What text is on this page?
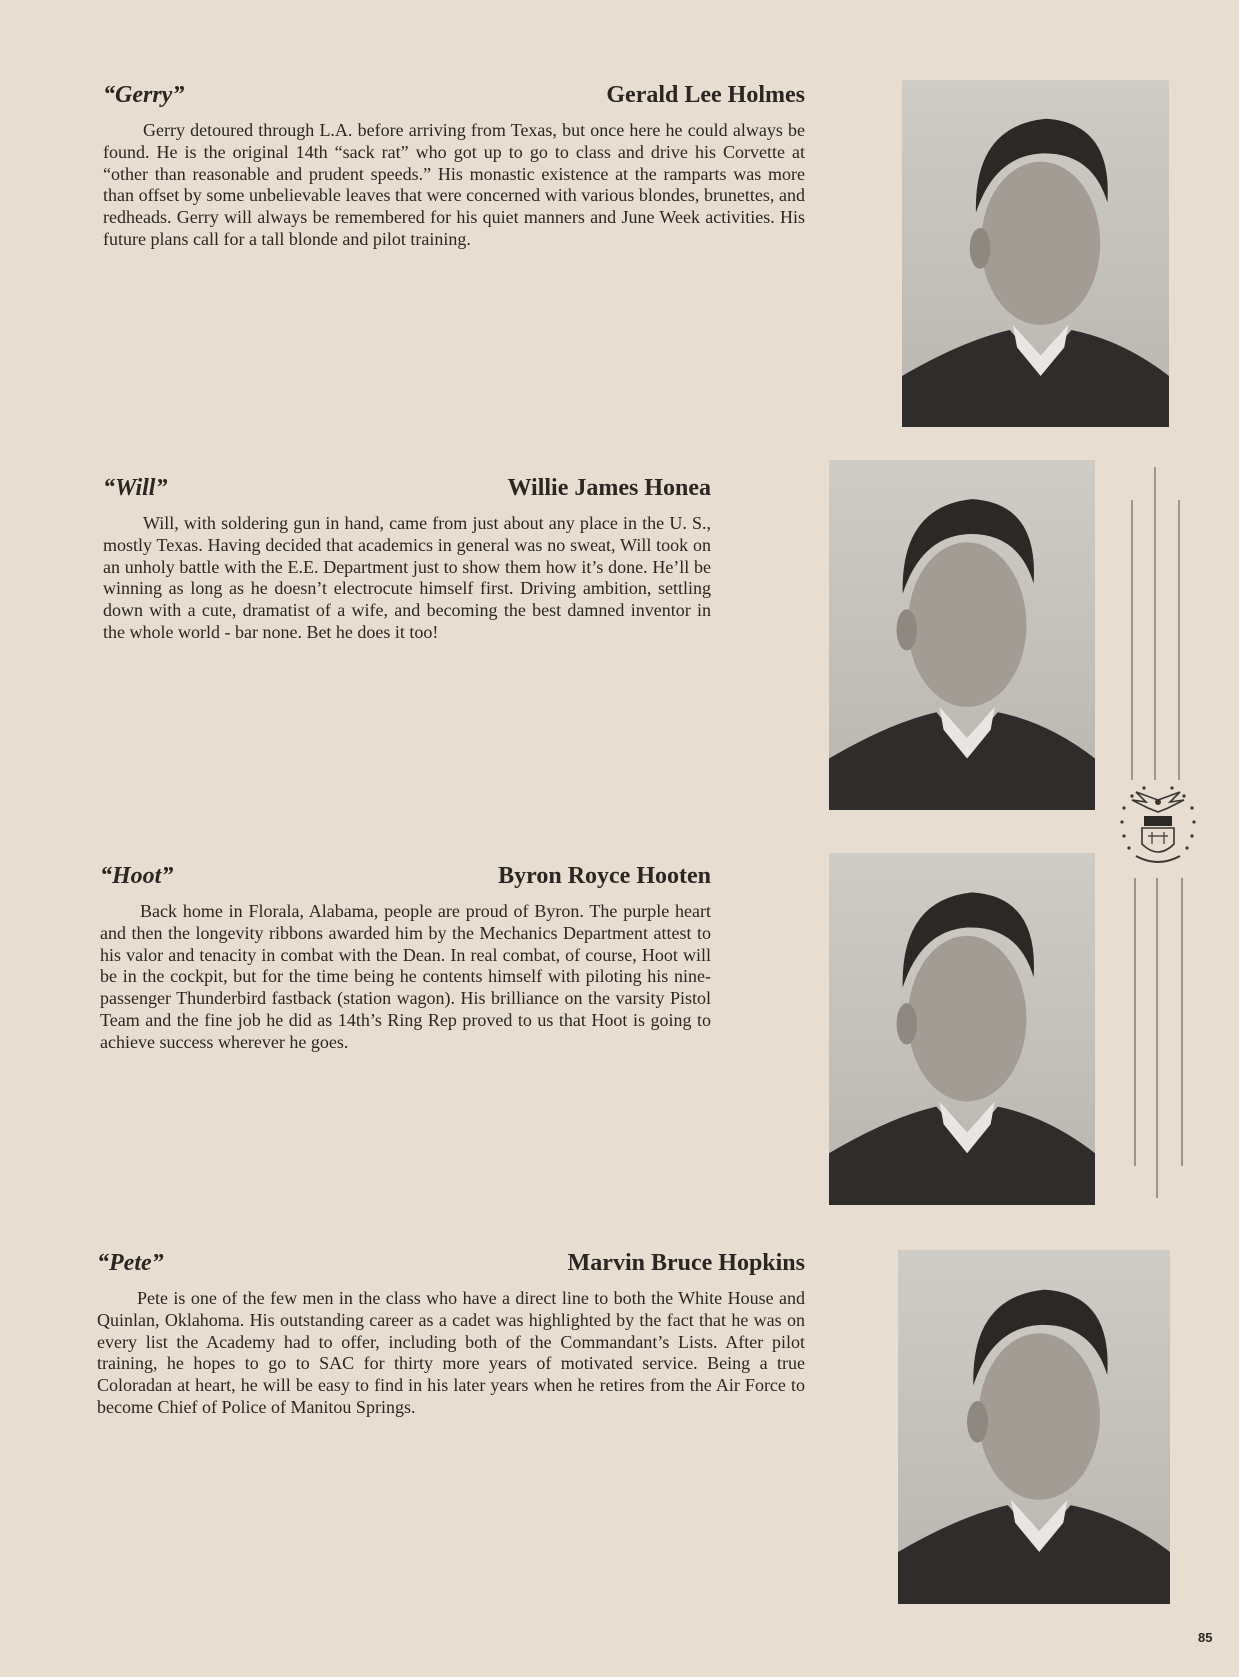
“Gerry”	Gerald Lee Holmes

Gerry detoured through L.A. before arriving from Texas, but once here he could always be found. He is the original 14th “sack rat” who got up to go to class and drive his Corvette at “other than reasonable and prudent speeds.” His monastic existence at the ramparts was more than offset by some unbelievable leaves that were concerned with various blondes, brunettes, and redheads. Gerry will always be remembered for his quiet manners and June Week activities. His future plans call for a tall blonde and pilot training.

“Will”	Willie James Honea

Will, with soldering gun in hand, came from just about any place in the U. S., mostly Texas. Having decided that academics in general was no sweat, Will took on an unholy battle with the E.E. Department just to show them how it’s done. He’ll be winning as long as he doesn’t electrocute himself first. Driving ambition, settling down with a cute, dramatist of a wife, and becoming the best damned inventor in the whole world - bar none. Bet he does it too!

“Hoot”	Byron Royce Hooten

Back home in Florala, Alabama, people are proud of Byron. The purple heart and then the longevity ribbons awarded him by the Mechanics Department attest to his valor and tenacity in combat with the Dean. In real combat, of course, Hoot will be in the cockpit, but for the time being he contents himself with piloting his nine-passenger Thunderbird fastback (station wagon). His brilliance on the varsity Pistol Team and the fine job he did as 14th’s Ring Rep proved to us that Hoot is going to achieve success wherever he goes.

“Pete”	Marvin Bruce Hopkins

Pete is one of the few men in the class who have a direct line to both the White House and Quinlan, Oklahoma. His outstanding career as a cadet was highlighted by the fact that he was on every list the Academy had to offer, including both of the Commandant’s Lists. After pilot training, he hopes to go to SAC for thirty more years of motivated service. Being a true Coloradan at heart, he will be easy to find in his later years when he retires from the Air Force to become Chief of Police of Manitou Springs.

85
